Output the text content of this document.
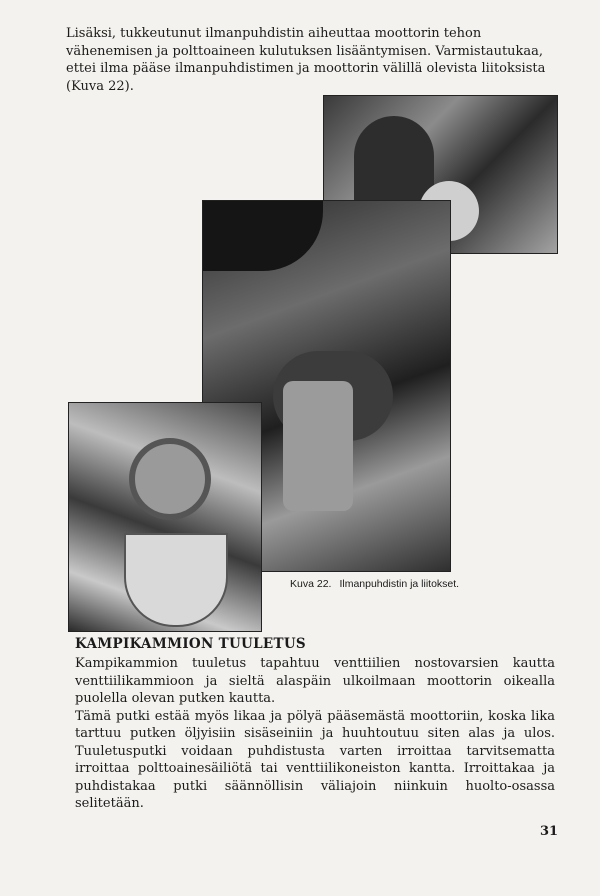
Lisäksi, tukkeutunut ilmanpuhdistin aiheuttaa moottorin tehon vähenemisen ja polttoaineen kulutuksen lisääntymisen. Varmistautukaa, ettei ilma pääse ilmanpuhdistimen ja moottorin välillä olevista liitoksista (Kuva 22).

Kuva 22. Ilmanpuhdistin ja liitokset.
KAMPIKAMMION TUULETUS
Kampikammion tuuletus tapahtuu venttiilien nostovarsien kautta venttiilikammioon ja sieltä alaspäin ulkoilmaan moottorin oikealla puolella olevan putken kautta.
Tämä putki estää myös likaa ja pölyä pääsemästä moottoriin, koska lika tarttuu putken öljyisiin sisäseiniin ja huuhtoutuu siten alas ja ulos. Tuuletusputki voidaan puhdistusta varten irroittaa tarvitsematta irroittaa polttoainesäiliötä tai venttiilikoneiston kantta. Irroittakaa ja puhdistakaa putki säännöllisin väliajoin niinkuin huolto-osassa selitetään.
31
